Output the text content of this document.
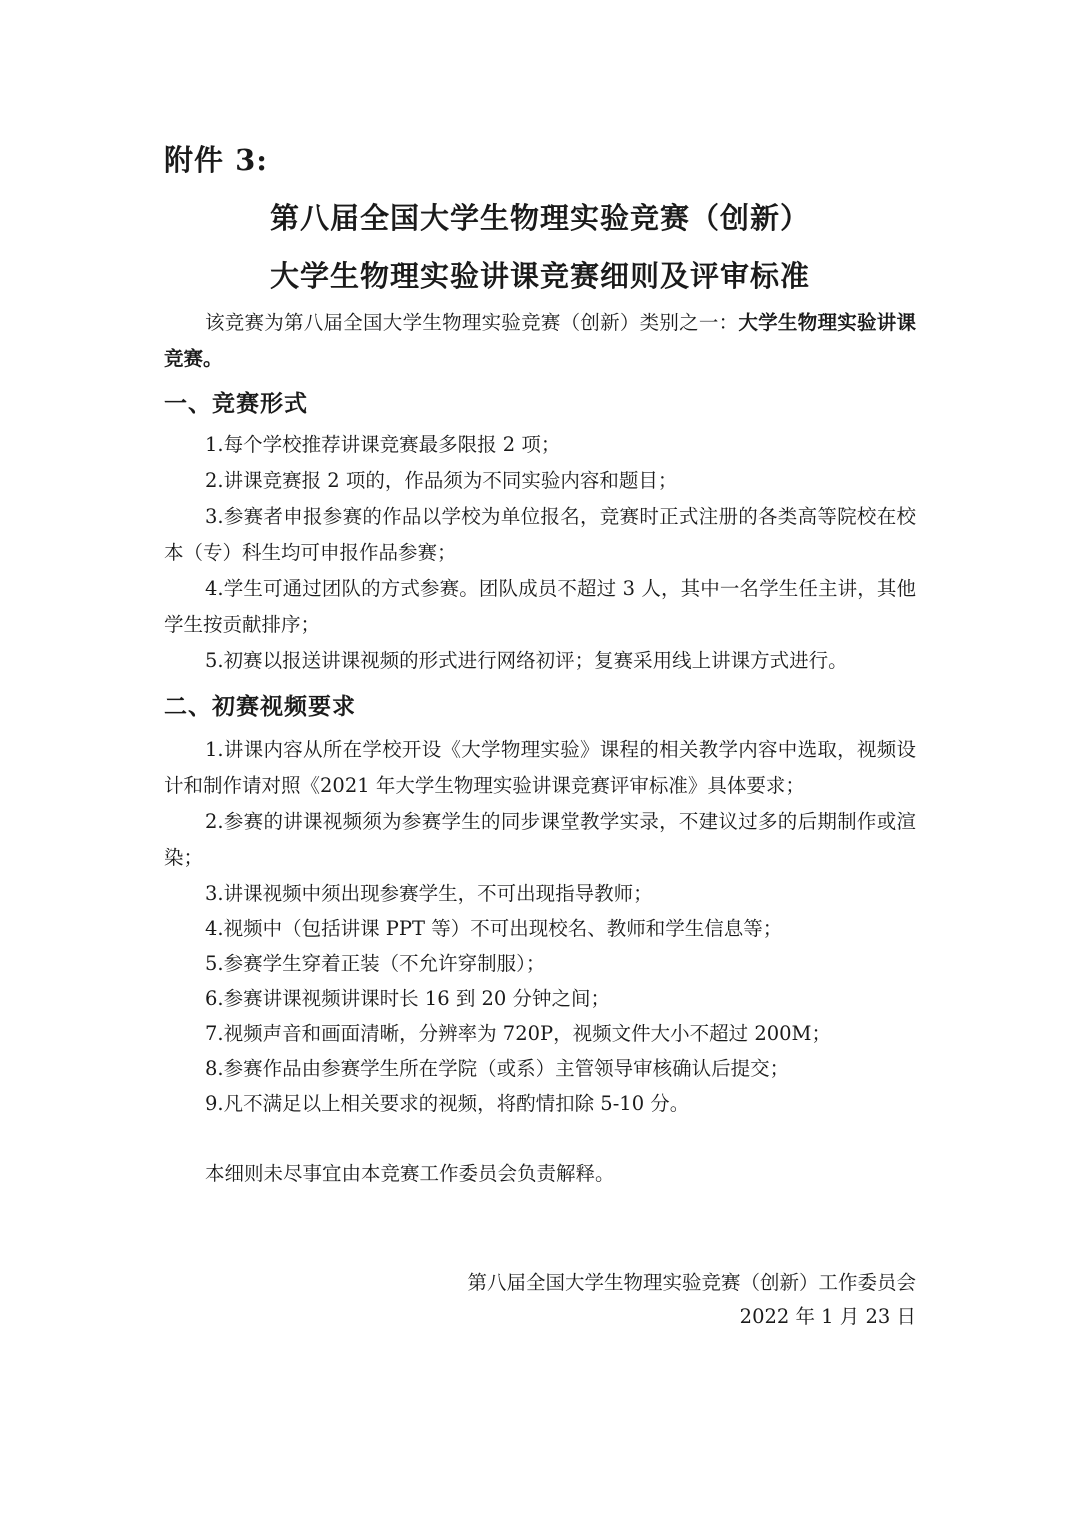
附件 3:
第八届全国大学生物理实验竞赛（创新）
大学生物理实验讲课竞赛细则及评审标准

该竞赛为第八届全国大学生物理实验竞赛（创新）类别之一：大学生物理实验讲课竞赛。

一、竞赛形式

1.每个学校推荐讲课竞赛最多限报 2 项；

2.讲课竞赛报 2 项的，作品须为不同实验内容和题目；

3.参赛者申报参赛的作品以学校为单位报名，竞赛时正式注册的各类高等院校在校本（专）科生均可申报作品参赛；

4.学生可通过团队的方式参赛。团队成员不超过 3 人，其中一名学生任主讲，其他学生按贡献排序；

5.初赛以报送讲课视频的形式进行网络初评；复赛采用线上讲课方式进行。

二、初赛视频要求

1.讲课内容从所在学校开设《大学物理实验》课程的相关教学内容中选取，视频设计和制作请对照《2021 年大学生物理实验讲课竞赛评审标准》具体要求；

2.参赛的讲课视频须为参赛学生的同步课堂教学实录，不建议过多的后期制作或渲染；

3.讲课视频中须出现参赛学生，不可出现指导教师；

4.视频中（包括讲课 PPT 等）不可出现校名、教师和学生信息等；

5.参赛学生穿着正装（不允许穿制服）；

6.参赛讲课视频讲课时长 16 到 20 分钟之间；

7.视频声音和画面清晰，分辨率为 720P，视频文件大小不超过 200M；

8.参赛作品由参赛学生所在学院（或系）主管领导审核确认后提交；

9.凡不满足以上相关要求的视频，将酌情扣除 5-10 分。

本细则未尽事宜由本竞赛工作委员会负责解释。

第八届全国大学生物理实验竞赛（创新）工作委员会
2022 年 1 月 23 日
